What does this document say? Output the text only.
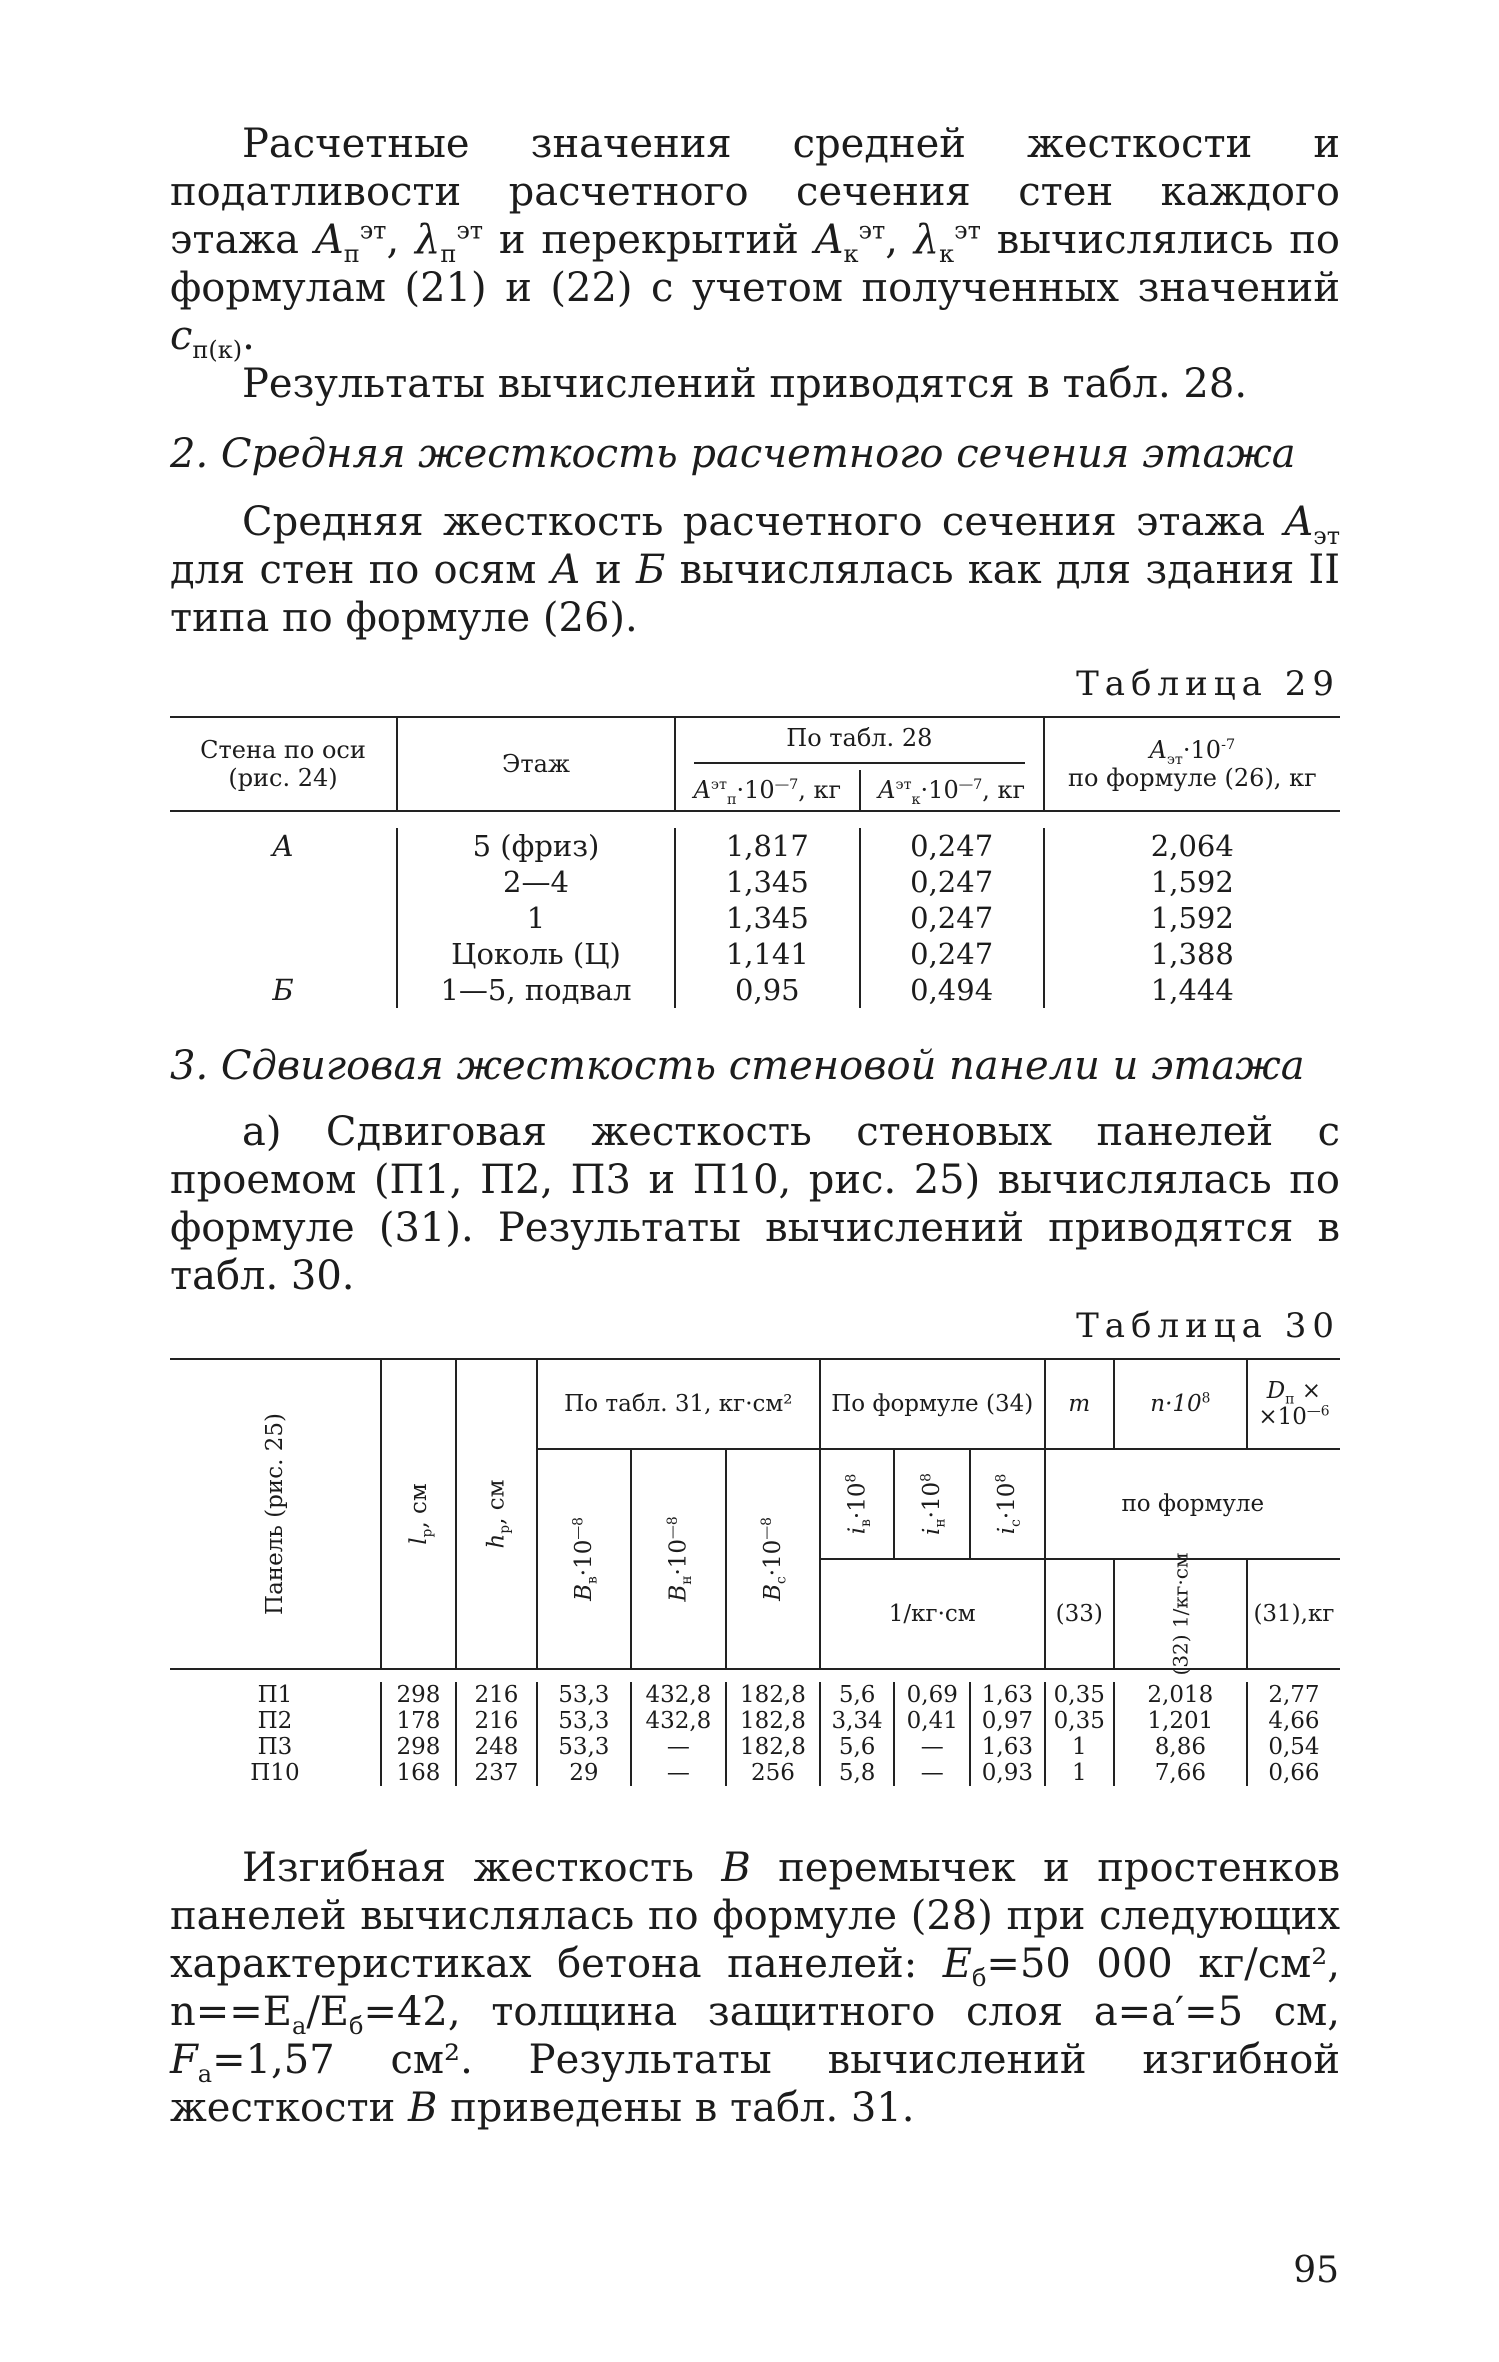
Расчетные значения средней жесткости и податливости расчетного сечения стен каждого этажа $A_п^{эт}$, $\lambda_п^{эт}$ и перекрытий $A_к^{эт}$, $\lambda_к^{эт}$ вычислялись по формулам (21) и (22) с учетом полученных значений $c_{п(к)}$.

Результаты вычислений приводятся в табл. 28.

2. Средняя жесткость расчетного сечения этажа

Средняя жесткость расчетного сечения этажа $A_{эт}$ для стен по осям А и Б вычислялась как для здания II типа по формуле (26).

Таблица 29
Стена по оси (рис. 24)	Этаж	По табл. 28		$A_{эт}\cdot 10^{-7}$
по формуле (26), кг
		$A^{эт}_п\cdot 10^{—7}$, кг	$A^{эт}_к\cdot 10^{—7}$, кг	

А	5 (фриз)	1,817	0,247	2,064
	2—4	1,345	0,247	1,592
	1	1,345	0,247	1,592
	Цоколь (Ц)	1,141	0,247	1,388
Б	1—5, подвал	0,95	0,494	1,444
3. Сдвиговая жесткость стеновой панели и этажа

а) Сдвиговая жесткость стеновых панелей с проемом (П1, П2, П3 и П10, рис. 25) вычислялась по формуле (31). Результаты вычислений приводятся в табл. 30.

Таблица 30
Панель (рис. 25)	$l_р$, см	$h_р$, см	По табл. 31, кг·см²			По формуле (34)			m	$n\cdot 10^8$	$D_п$ ×
$\times 10^{—6}$
			$B_в\cdot 10^{—8}$	$B_н\cdot 10^{—8}$	$B_c\cdot 10^{—8}$	$i_в\cdot 10^8$	$i_н\cdot 10^8$	$i_с\cdot 10^8$	по формуле		
						1/кг·см			(33)	(32) 1/кг·см	(31),кг

П1	298	216	53,3	432,8	182,8	5,6	0,69	1,63	0,35	2,018	2,77
П2	178	216	53,3	432,8	182,8	3,34	0,41	0,97	0,35	1,201	4,66
П3	298	248	53,3	—	182,8	5,6	—	1,63	1	8,86	0,54
П10	168	237	29	—	256	5,8	—	0,93	1	7,66	0,66

Изгибная жесткость B перемычек и простенков панелей вычислялась по формуле (28) при следующих характеристиках бетона панелей: $E_б=50$ 000 кг/см², $n==E_а/E_б=42$, толщина защитного слоя a=a′=5 см, $F_а=1,57$ см². Результаты вычислений изгибной жесткости B приведены в табл. 31.

95
